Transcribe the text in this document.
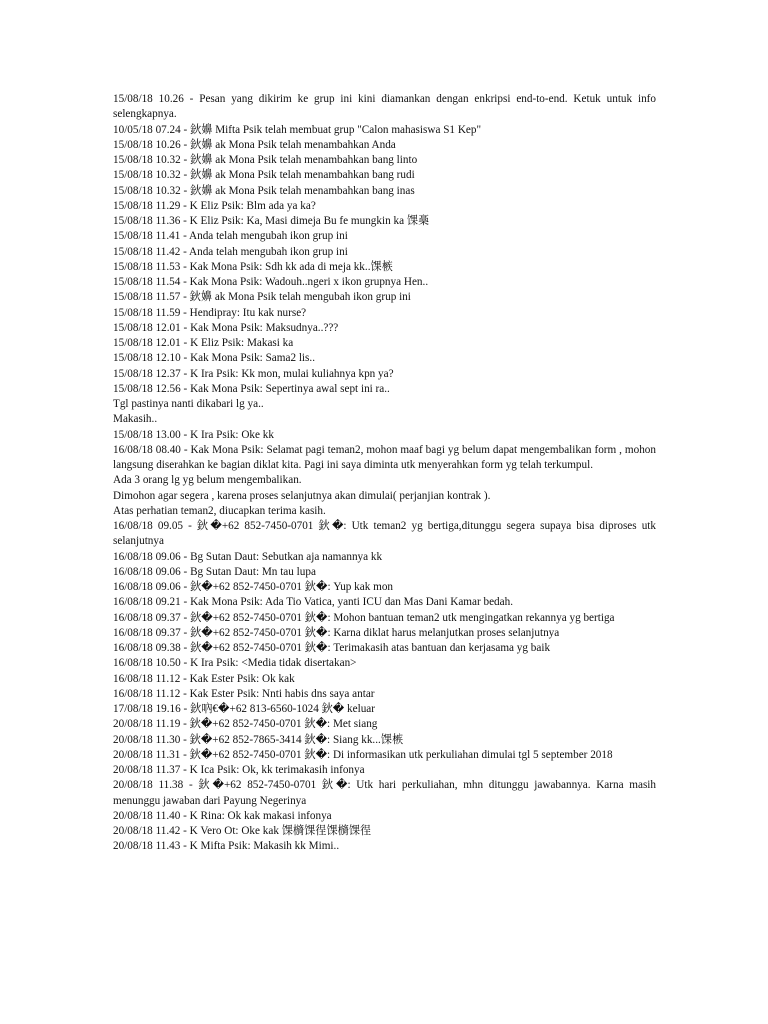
15/08/18 10.26 - Pesan yang dikirim ke grup ini kini diamankan dengan enkripsi end-to-end. Ketuk untuk info selengkapnya.

10/05/18 07.24 - 鈥嬶 Mifta Psik telah membuat grup "Calon mahasiswa S1 Kep"

15/08/18 10.26 - 鈥嬶 ak Mona Psik telah menambahkan Anda

15/08/18 10.32 - 鈥嬶 ak Mona Psik telah menambahkan bang linto

15/08/18 10.32 - 鈥嬶 ak Mona Psik telah menambahkan bang rudi

15/08/18 10.32 - 鈥嬶 ak Mona Psik telah menambahkan bang inas

15/08/18 11.29 - K Eliz Psik: Blm ada ya ka?

15/08/18 11.36 - K Eliz Psik: Ka, Masi dimeja Bu fe mungkin ka 馃槀

15/08/18 11.41 - Anda telah mengubah ikon grup ini

15/08/18 11.42 - Anda telah mengubah ikon grup ini

15/08/18 11.53 - Kak Mona Psik: Sdh kk ada di meja kk..馃槉

15/08/18 11.54 - Kak Mona Psik: Wadouh..ngeri x ikon grupnya Hen..

15/08/18 11.57 - 鈥嬶 ak Mona Psik telah mengubah ikon grup ini

15/08/18 11.59 - Hendipray: Itu kak nurse?

15/08/18 12.01 - Kak Mona Psik: Maksudnya..???

15/08/18 12.01 - K Eliz Psik: Makasi ka

15/08/18 12.10 - Kak Mona Psik: Sama2 lis..

15/08/18 12.37 - K Ira Psik: Kk mon, mulai kuliahnya kpn ya?

15/08/18 12.56 - Kak Mona Psik: Sepertinya awal sept ini ra..

Tgl pastinya nanti dikabari lg ya..

Makasih..

15/08/18 13.00 - K Ira Psik: Oke kk

16/08/18 08.40 - Kak Mona Psik: Selamat pagi teman2, mohon maaf bagi yg belum dapat mengembalikan form , mohon langsung diserahkan ke bagian diklat kita. Pagi ini saya diminta utk menyerahkan form yg telah terkumpul.

Ada 3 orang lg yg belum mengembalikan.

Dimohon agar segera , karena proses selanjutnya akan dimulai( perjanjian kontrak ).

Atas perhatian teman2, diucapkan terima kasih.

16/08/18 09.05 - 鈥�+62 852-7450-0701 鈥�: Utk teman2 yg bertiga,ditunggu segera supaya bisa diproses utk selanjutnya

16/08/18 09.06 - Bg Sutan Daut: Sebutkan aja namannya kk

16/08/18 09.06 - Bg Sutan Daut: Mn tau lupa

16/08/18 09.06 - 鈥�+62 852-7450-0701 鈥�: Yup kak mon

16/08/18 09.21 - Kak Mona Psik: Ada Tio Vatica, yanti ICU dan Mas Dani Kamar bedah.

16/08/18 09.37 - 鈥�+62 852-7450-0701 鈥�: Mohon bantuan teman2 utk mengingatkan rekannya yg bertiga

16/08/18 09.37 - 鈥�+62 852-7450-0701 鈥�: Karna diklat harus melanjutkan proses selanjutnya

16/08/18 09.38 - 鈥�+62 852-7450-0701 鈥�: Terimakasih atas bantuan dan kerjasama yg baik

16/08/18 10.50 - K Ira Psik: <Media tidak disertakan>

16/08/18 11.12 - Kak Ester Psik: Ok kak

16/08/18 11.12 - Kak Ester Psik: Nnti habis dns saya antar

17/08/18 19.16 - 鈥吶€�+62 813-6560-1024 鈥� keluar

20/08/18 11.19 - 鈥�+62 852-7450-0701 鈥�: Met siang

20/08/18 11.30 - 鈥�+62 852-7865-3414 鈥�: Siang kk...馃槉

20/08/18 11.31 - 鈥�+62 852-7450-0701 鈥�: Di informasikan utk perkuliahan dimulai tgl 5 september 2018

20/08/18 11.37 - K Ica Psik: Ok, kk terimakasih infonya

20/08/18 11.38 - 鈥�+62 852-7450-0701 鈥�: Utk hari perkuliahan, mhn ditunggu jawabannya. Karna masih menunggu jawaban dari Payung Negerinya

20/08/18 11.40 - K Rina: Ok kak makasi infonya

20/08/18 11.42 - K Vero Ot: Oke kak 馃檹馃徎馃檹馃徎

20/08/18 11.43 - K Mifta Psik: Makasih kk Mimi..
